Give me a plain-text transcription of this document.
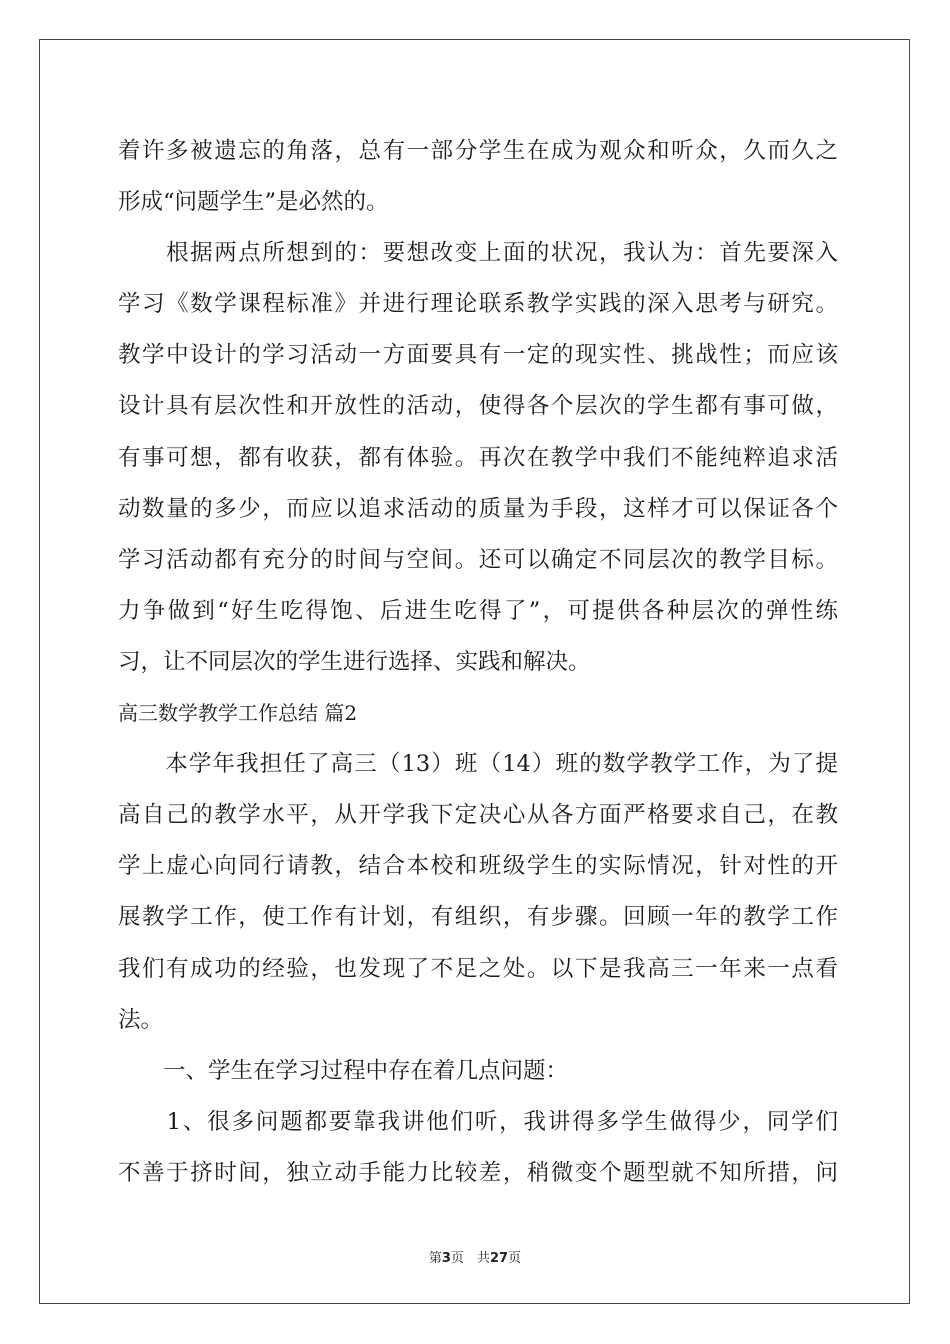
着许多被遗忘的角落，总有一部分学生在成为观众和听众，久而久之
形成“问题学生”是必然的。
　　根据两点所想到的：要想改变上面的状况，我认为：首先要深入
学习《数学课程标准》并进行理论联系教学实践的深入思考与研究。
教学中设计的学习活动一方面要具有一定的现实性、挑战性；而应该
设计具有层次性和开放性的活动，使得各个层次的学生都有事可做，
有事可想，都有收获，都有体验。再次在教学中我们不能纯粹追求活
动数量的多少，而应以追求活动的质量为手段，这样才可以保证各个
学习活动都有充分的时间与空间。还可以确定不同层次的教学目标。
力争做到“好生吃得饱、后进生吃得了”，可提供各种层次的弹性练
习，让不同层次的学生进行选择、实践和解决。
高三数学教学工作总结 篇2
　　本学年我担任了高三（13）班（14）班的数学教学工作，为了提
高自己的教学水平，从开学我下定决心从各方面严格要求自己，在教
学上虚心向同行请教，结合本校和班级学生的实际情况，针对性的开
展教学工作，使工作有计划，有组织，有步骤。回顾一年的教学工作
我们有成功的经验，也发现了不足之处。以下是我高三一年来一点看
法。
　　一、学生在学习过程中存在着几点问题：
　　1、很多问题都要靠我讲他们听，我讲得多学生做得少，同学们
不善于挤时间，独立动手能力比较差，稍微变个题型就不知所措，问
第3页　共27页
